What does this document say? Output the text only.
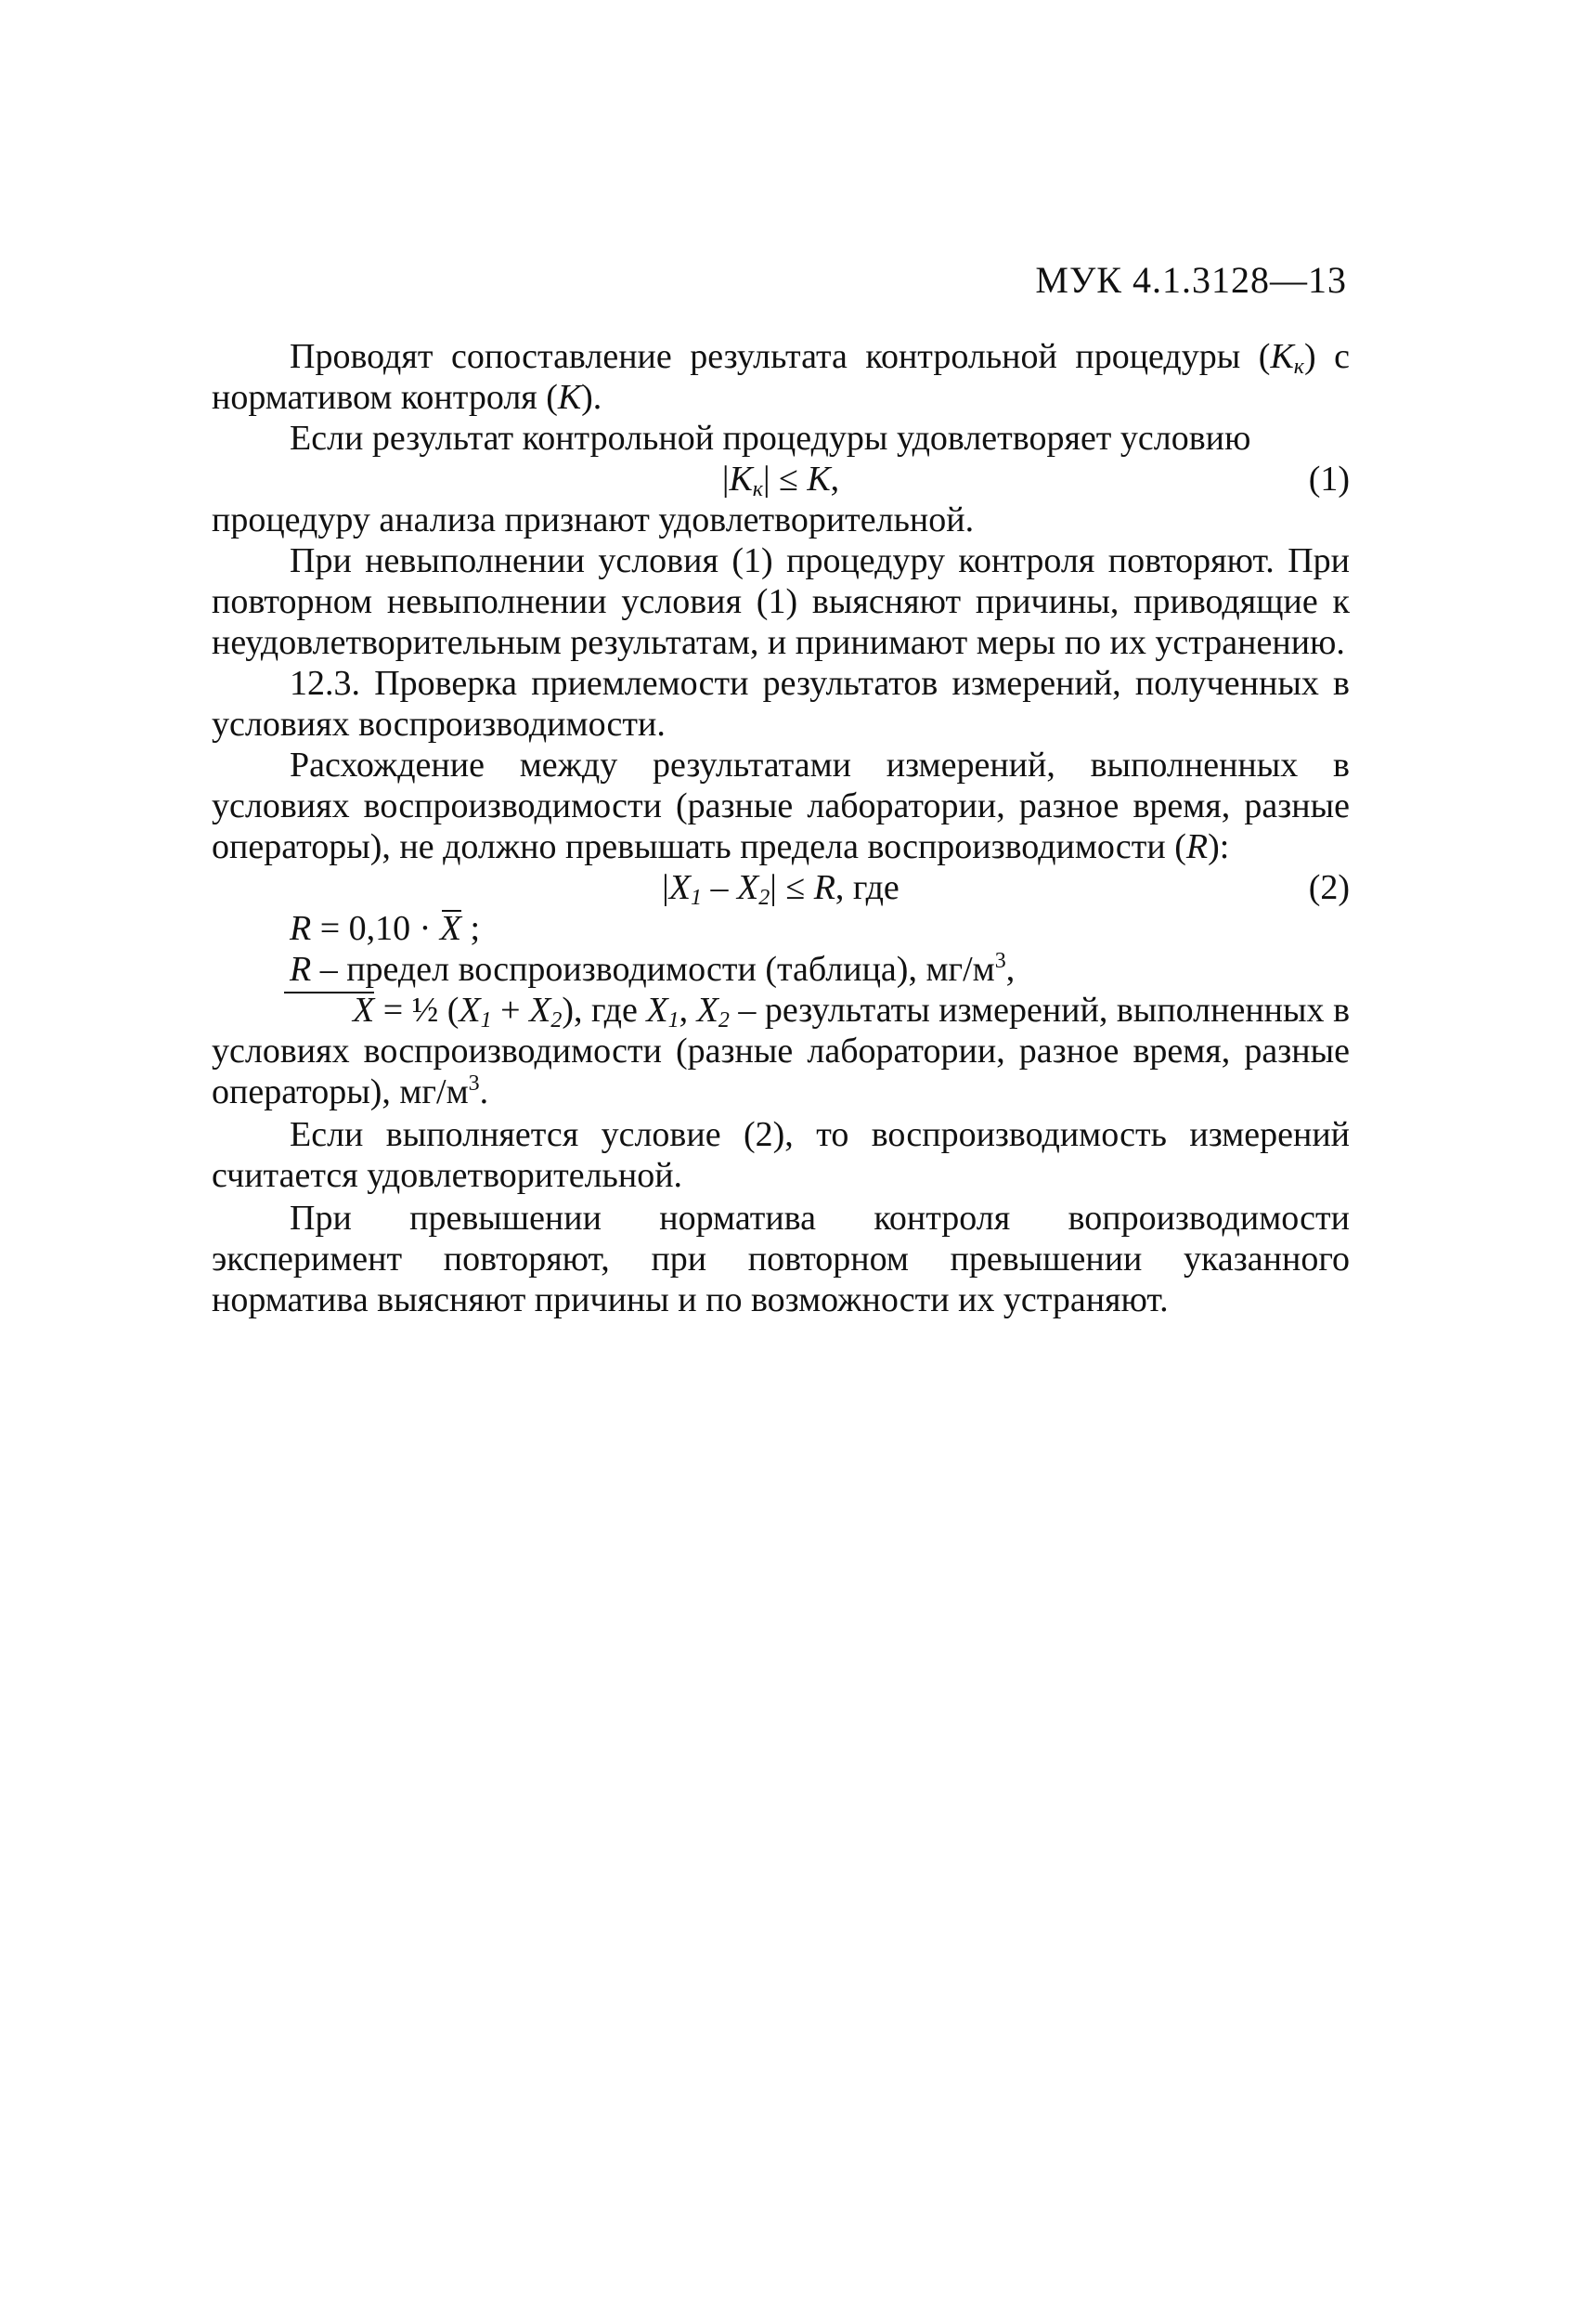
МУК 4.1.3128—13

Проводят сопоставление результата контрольной процедуры $(К_к)$ с нормативом контроля (К).

Если результат контрольной процедуры удовлетворяет условию

$|К_к| \le К$,	(1)

процедуру анализа признают удовлетворительной.

При невыполнении условия (1) процедуру контроля повторяют. При повторном невыполнении условия (1) выясняют причины, приводящие к неудовлетворительным результатам, и принимают меры по их устранению.

12.3. Проверка приемлемости результатов измерений, полученных в условиях воспроизводимости.

Расхождение между результатами измерений, выполненных в условиях воспроизводимости (разные лаборатории, разное время, разные операторы), не должно превышать предела воспроизводимости (R):

$|X_1 - X_2| \le R$, где	(2)

R = 0,10 · X ;

R – предел воспроизводимости (таблица), $мг/м^3$,

X = ½ $(X_1 + X_2)$, где $X_1$, $X_2$ – результаты измерений, выполненных в условиях воспроизводимости (разные лаборатории, разное время, разные операторы), $мг/м^3$.

Если выполняется условие (2), то воспроизводимость измерений считается удовлетворительной.

При превышении норматива контроля вопроизводимости эксперимент повторяют, при повторном превышении указанного норматива выясняют причины и по возможности их устраняют.
